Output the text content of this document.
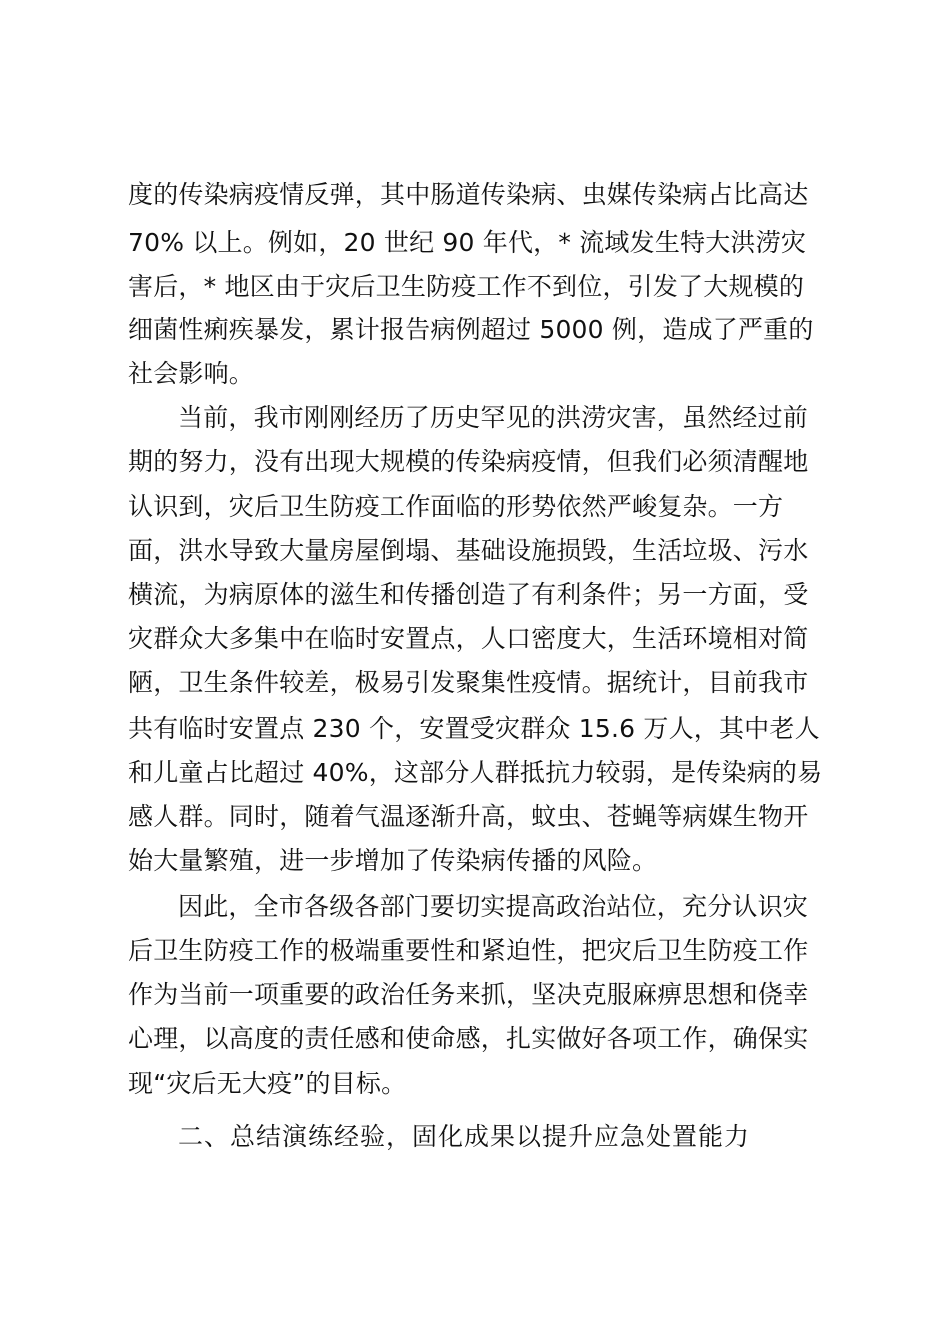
度的传染病疫情反弹，其中肠道传染病、虫媒传染病占比高达
70% 以上。例如，20 世纪 90 年代，* 流域发生特大洪涝灾
害后，* 地区由于灾后卫生防疫工作不到位，引发了大规模的
细菌性痢疾暴发，累计报告病例超过 5000 例，造成了严重的
社会影响。
当前，我市刚刚经历了历史罕见的洪涝灾害，虽然经过前
期的努力，没有出现大规模的传染病疫情，但我们必须清醒地
认识到，灾后卫生防疫工作面临的形势依然严峻复杂。一方
面，洪水导致大量房屋倒塌、基础设施损毁，生活垃圾、污水
横流，为病原体的滋生和传播创造了有利条件；另一方面，受
灾群众大多集中在临时安置点，人口密度大，生活环境相对简
陋，卫生条件较差，极易引发聚集性疫情。据统计，目前我市
共有临时安置点 230 个，安置受灾群众 15.6 万人，其中老人
和儿童占比超过 40%，这部分人群抵抗力较弱，是传染病的易
感人群。同时，随着气温逐渐升高，蚊虫、苍蝇等病媒生物开
始大量繁殖，进一步增加了传染病传播的风险。
因此，全市各级各部门要切实提高政治站位，充分认识灾
后卫生防疫工作的极端重要性和紧迫性，把灾后卫生防疫工作
作为当前一项重要的政治任务来抓，坚决克服麻痹思想和侥幸
心理，以高度的责任感和使命感，扎实做好各项工作，确保实
现“灾后无大疫”的目标。
二、总结演练经验，固化成果以提升应急处置能力
